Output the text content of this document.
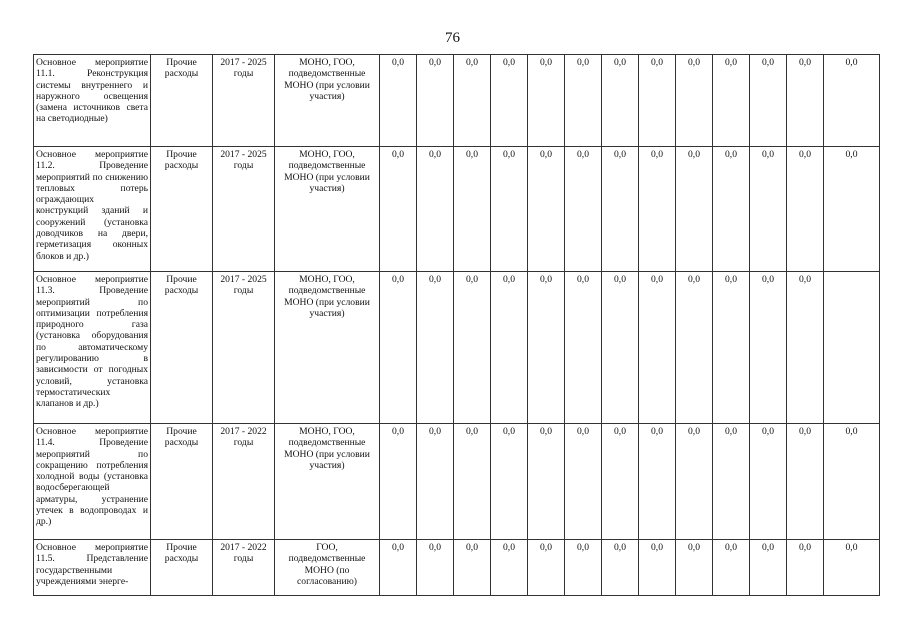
76
Основное мероприятие 11.1. Реконструкция системы внутреннего и наружного освещения (замена источников света на светодиодные)	Прочие расходы	2017 - 2025 годы	МОНО, ГОО, подведомственные МОНО (при условии участия)	0,0	0,0	0,0	0,0	0,0	0,0	0,0	0,0	0,0	0,0	0,0	0,0	0,0
Основное мероприятие 11.2. Проведение мероприятий по снижению тепловых потерь ограждающих конструкций зданий и сооружений (установка доводчиков на двери, герметизация оконных блоков и др.)	Прочие расходы	2017 - 2025 годы	МОНО, ГОО, подведомственные МОНО (при условии участия)	0,0	0,0	0,0	0,0	0,0	0,0	0,0	0,0	0,0	0,0	0,0	0,0	0,0
Основное мероприятие 11.3. Проведение мероприятий по оптимизации потребления природного газа (установка оборудования по автоматическому регулированию в зависимости от погодных условий, установка термостатических клапанов и др.)	Прочие расходы	2017 - 2025 годы	МОНО, ГОО, подведомственные МОНО (при условии участия)	0,0	0,0	0,0	0,0	0,0	0,0	0,0	0,0	0,0	0,0	0,0	0,0	
Основное мероприятие 11.4. Проведение мероприятий по сокращению потребления холодной воды (установка водосберегающей арматуры, устранение утечек в водопроводах и др.)	Прочие расходы	2017 - 2022 годы	МОНО, ГОО, подведомственные МОНО (при условии участия)	0,0	0,0	0,0	0,0	0,0	0,0	0,0	0,0	0,0	0,0	0,0	0,0	0,0
Основное мероприятие 11.5. Представление государственными учреждениями энерге-	Прочие расходы	2017 - 2022 годы	ГОО, подведомственные МОНО (по согласованию)	0,0	0,0	0,0	0,0	0,0	0,0	0,0	0,0	0,0	0,0	0,0	0,0	0,0
